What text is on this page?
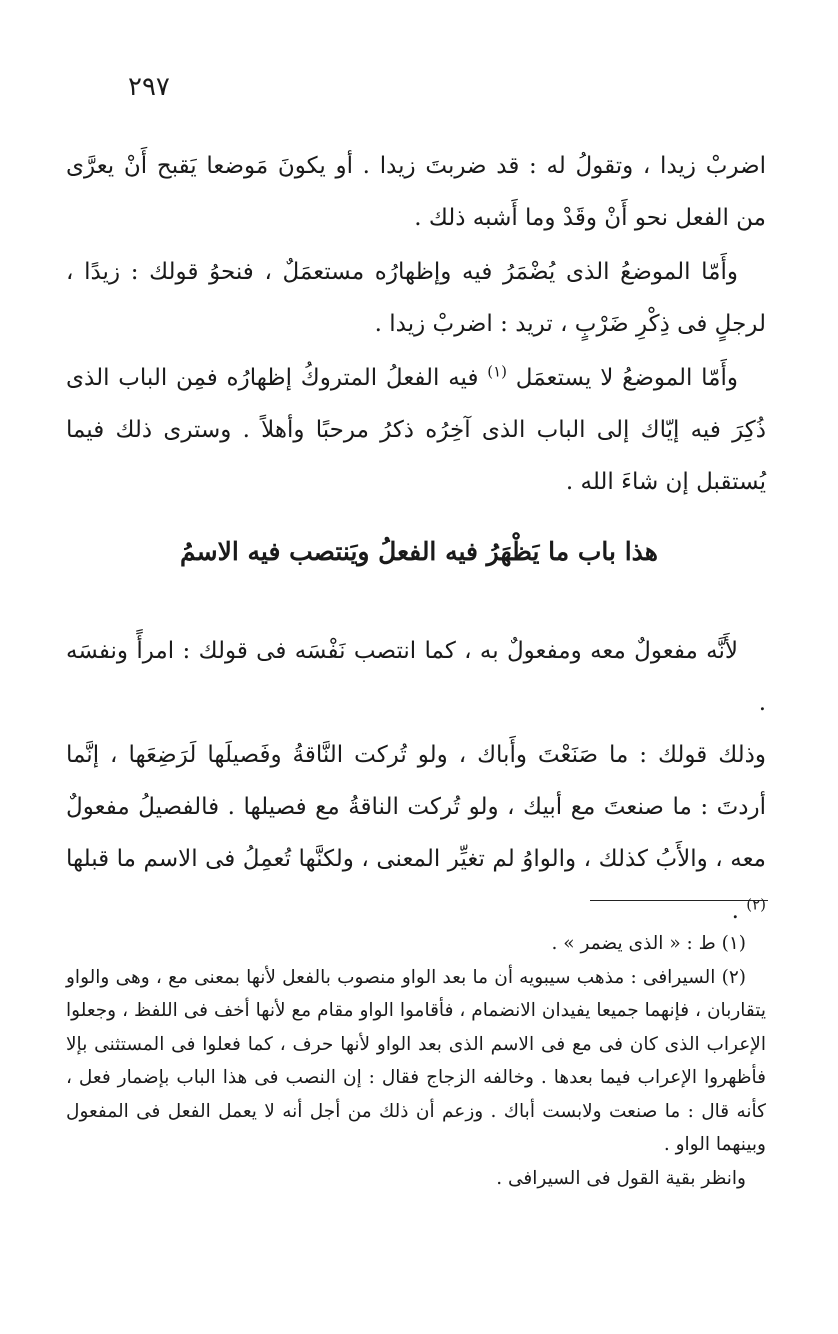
٢٩٧

اضربْ زيدا ، وتقولُ له : قد ضربتَ زيدا . أو يكونَ مَوضعا يَقبح أَنْ يعرَّى من الفعل نحو أَنْ وقَدْ وما أَشبه ذلك .

وأَمّا الموضعُ الذى يُضْمَرُ فيه وإظهارُه مستعمَلٌ ، فنحوُ قولك : زيدًا ، لرجلٍ فى ذِكْرِ ضَرْبٍ ، تريد : اضربْ زيدا .

وأَمّا الموضعُ لا يستعمَل $^{(١)}$ فيه الفعلُ المتروكُ إظهارُه فمِن الباب الذى ذُكِرَ فيه إيّاك إلى الباب الذى آخِرُه ذكرُ مرحبًا وأهلاً . وسترى ذلك فيما يُستقبل إن شاءَ الله .

هذا باب ما يَظْهَرُ فيه الفعلُ ويَنتصب فيه الاسمُ

لأَنَّه مفعولٌ معه ومفعولٌ به ، كما انتصب نَفْسَه فى قولك : امرأً ونفسَه .

وذلك قولك : ما صَنَعْتَ وأَباك ، ولو تُركت النَّاقةُ وفَصيلَها لَرَضِعَها ، إنَّما أردتَ : ما صنعتَ مع أبيك ، ولو تُركت الناقةُ مع فصيلها . فالفصيلُ مفعولٌ معه ، والأَبُ كذلك ، والواوُ لم تغيِّر المعنى ، ولكنَّها تُعمِلُ فى الاسم ما قبلها $^{(٢)}$ .

(١) ط : « الذى يضمر » .

(٢) السيرافى : مذهب سيبويه أن ما بعد الواو منصوب بالفعل لأنها بمعنى مع ، وهى والواو يتقاربان ، فإنهما جميعا يفيدان الانضمام ، فأقاموا الواو مقام مع لأنها أخف فى اللفظ ، وجعلوا الإعراب الذى كان فى مع فى الاسم الذى بعد الواو لأنها حرف ، كما فعلوا فى المستثنى بإلا فأظهروا الإعراب فيما بعدها . وخالفه الزجاج فقال : إن النصب فى هذا الباب بإضمار فعل ، كأنه قال : ما صنعت ولابست أباك . وزعم أن ذلك من أجل أنه لا يعمل الفعل فى المفعول وبينهما الواو .

وانظر بقية القول فى السيرافى .
